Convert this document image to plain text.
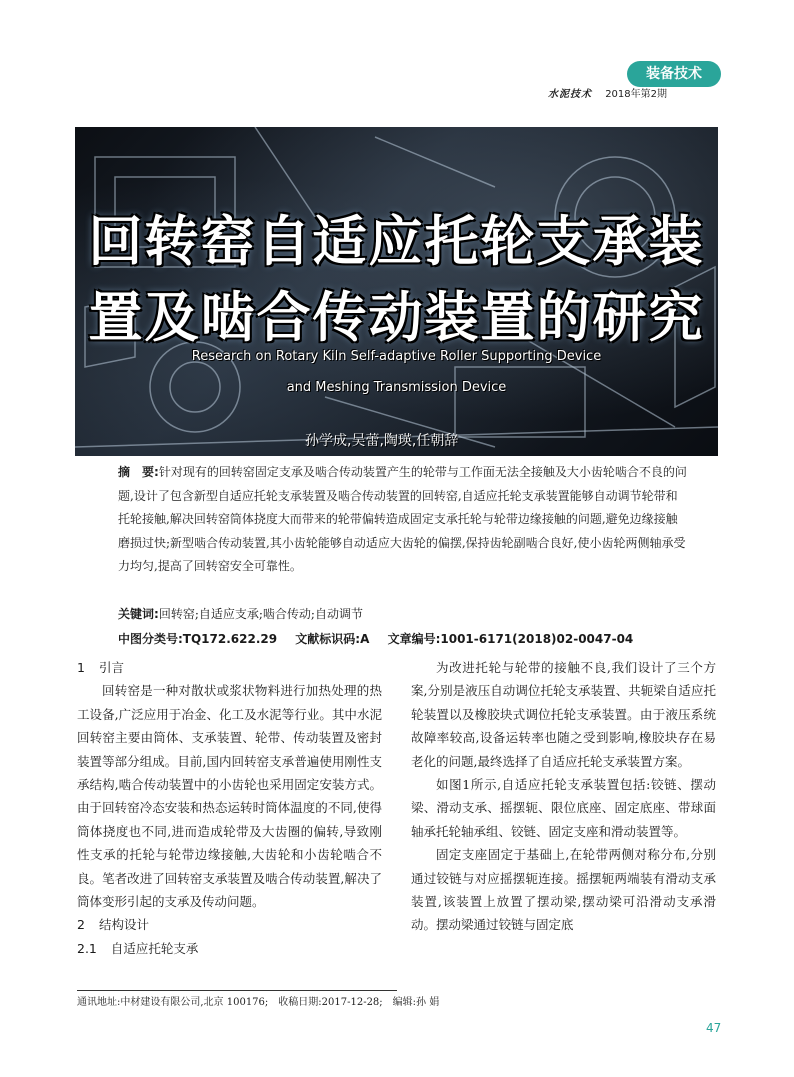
装备技术
水泥技术 2018年第2期
回转窑自适应托轮支承装
置及啮合传动装置的研究
Research on Rotary Kiln Self-adaptive Roller Supporting Device
and Meshing Transmission Device
孙学成,吴蕾,陶瑛,任朝辞
摘　要:针对现有的回转窑固定支承及啮合传动装置产生的轮带与工作面无法全接触及大小齿轮啮合不良的问题,设计了包含新型自适应托轮支承装置及啮合传动装置的回转窑,自适应托轮支承装置能够自动调节轮带和托轮接触,解决回转窑筒体挠度大而带来的轮带偏转造成固定支承托轮与轮带边缘接触的问题,避免边缘接触磨损过快;新型啮合传动装置,其小齿轮能够自动适应大齿轮的偏摆,保持齿轮副啮合良好,使小齿轮两侧轴承受力均匀,提高了回转窑安全可靠性。
关键词:回转窑;自适应支承;啮合传动;自动调节
中图分类号:TQ172.622.29 文献标识码:A 文章编号:1001-6171(2018)02-0047-04
1 引言

回转窑是一种对散状或浆状物料进行加热处理的热工设备,广泛应用于冶金、化工及水泥等行业。其中水泥回转窑主要由筒体、支承装置、轮带、传动装置及密封装置等部分组成。目前,国内回转窑支承普遍使用刚性支承结构,啮合传动装置中的小齿轮也采用固定安装方式。由于回转窑冷态安装和热态运转时筒体温度的不同,使得筒体挠度也不同,进而造成轮带及大齿圈的偏转,导致刚性支承的托轮与轮带边缘接触,大齿轮和小齿轮啮合不良。笔者改进了回转窑支承装置及啮合传动装置,解决了筒体变形引起的支承及传动问题。

2 结构设计
2.1 自适应托轮支承

为改进托轮与轮带的接触不良,我们设计了三个方案,分别是液压自动调位托轮支承装置、共轭梁自适应托轮装置以及橡胶块式调位托轮支承装置。由于液压系统故障率较高,设备运转率也随之受到影响,橡胶块存在易老化的问题,最终选择了自适应托轮支承装置方案。

如图1所示,自适应托轮支承装置包括:铰链、摆动梁、滑动支承、摇摆轭、限位底座、固定底座、带球面轴承托轮轴承组、铰链、固定支座和滑动装置等。

固定支座固定于基础上,在轮带两侧对称分布,分别通过铰链与对应摇摆轭连接。摇摆轭两端装有滑动支承装置,该装置上放置了摆动梁,摆动梁可沿滑动支承滑动。摆动梁通过铰链与固定底

通讯地址:中材建设有限公司,北京 100176;　收稿日期:2017-12-28;　编辑:孙 娟
47
